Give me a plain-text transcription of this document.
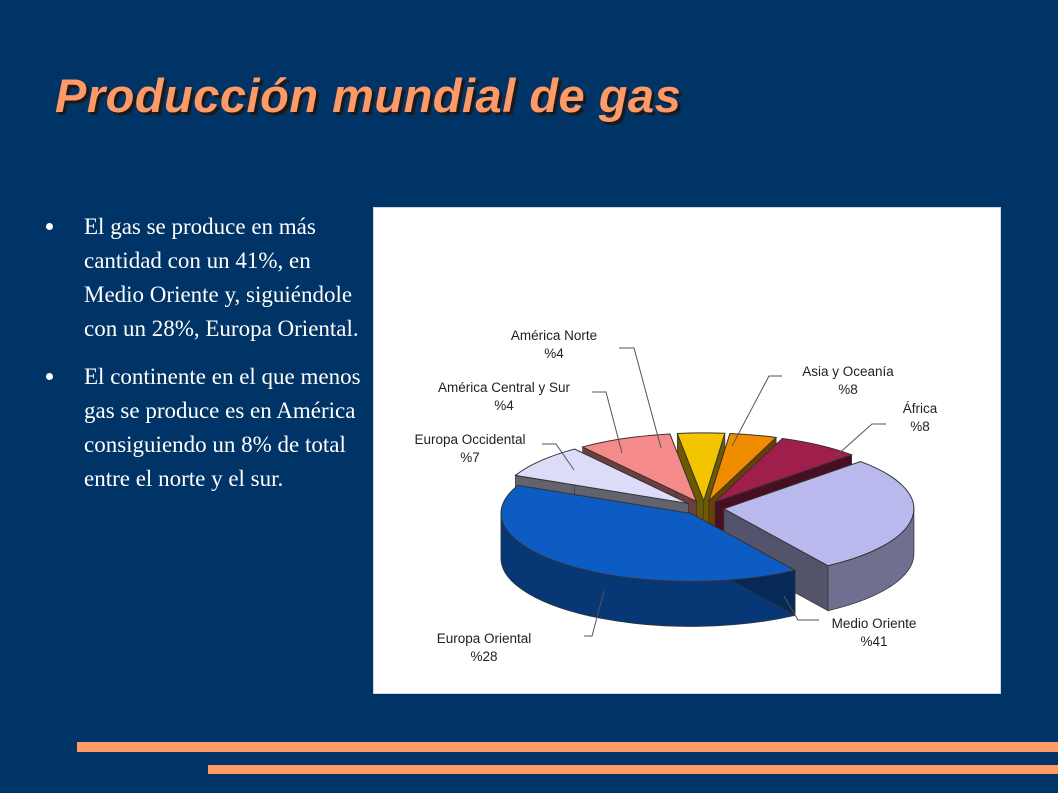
Producción mundial de gas
El gas se produce en más cantidad con un 41%, en Medio Oriente y, siguiéndole con un 28%, Europa Oriental.
El continente en el que menos gas se produce es en América consiguiendo un 8% de total entre el norte y el sur.
América Norte
%4
América Central y Sur
%4
Europa Occidental
%7
Europa Oriental
%28
Medio Oriente
%41
África
%8
Asia y Oceanía
%8
